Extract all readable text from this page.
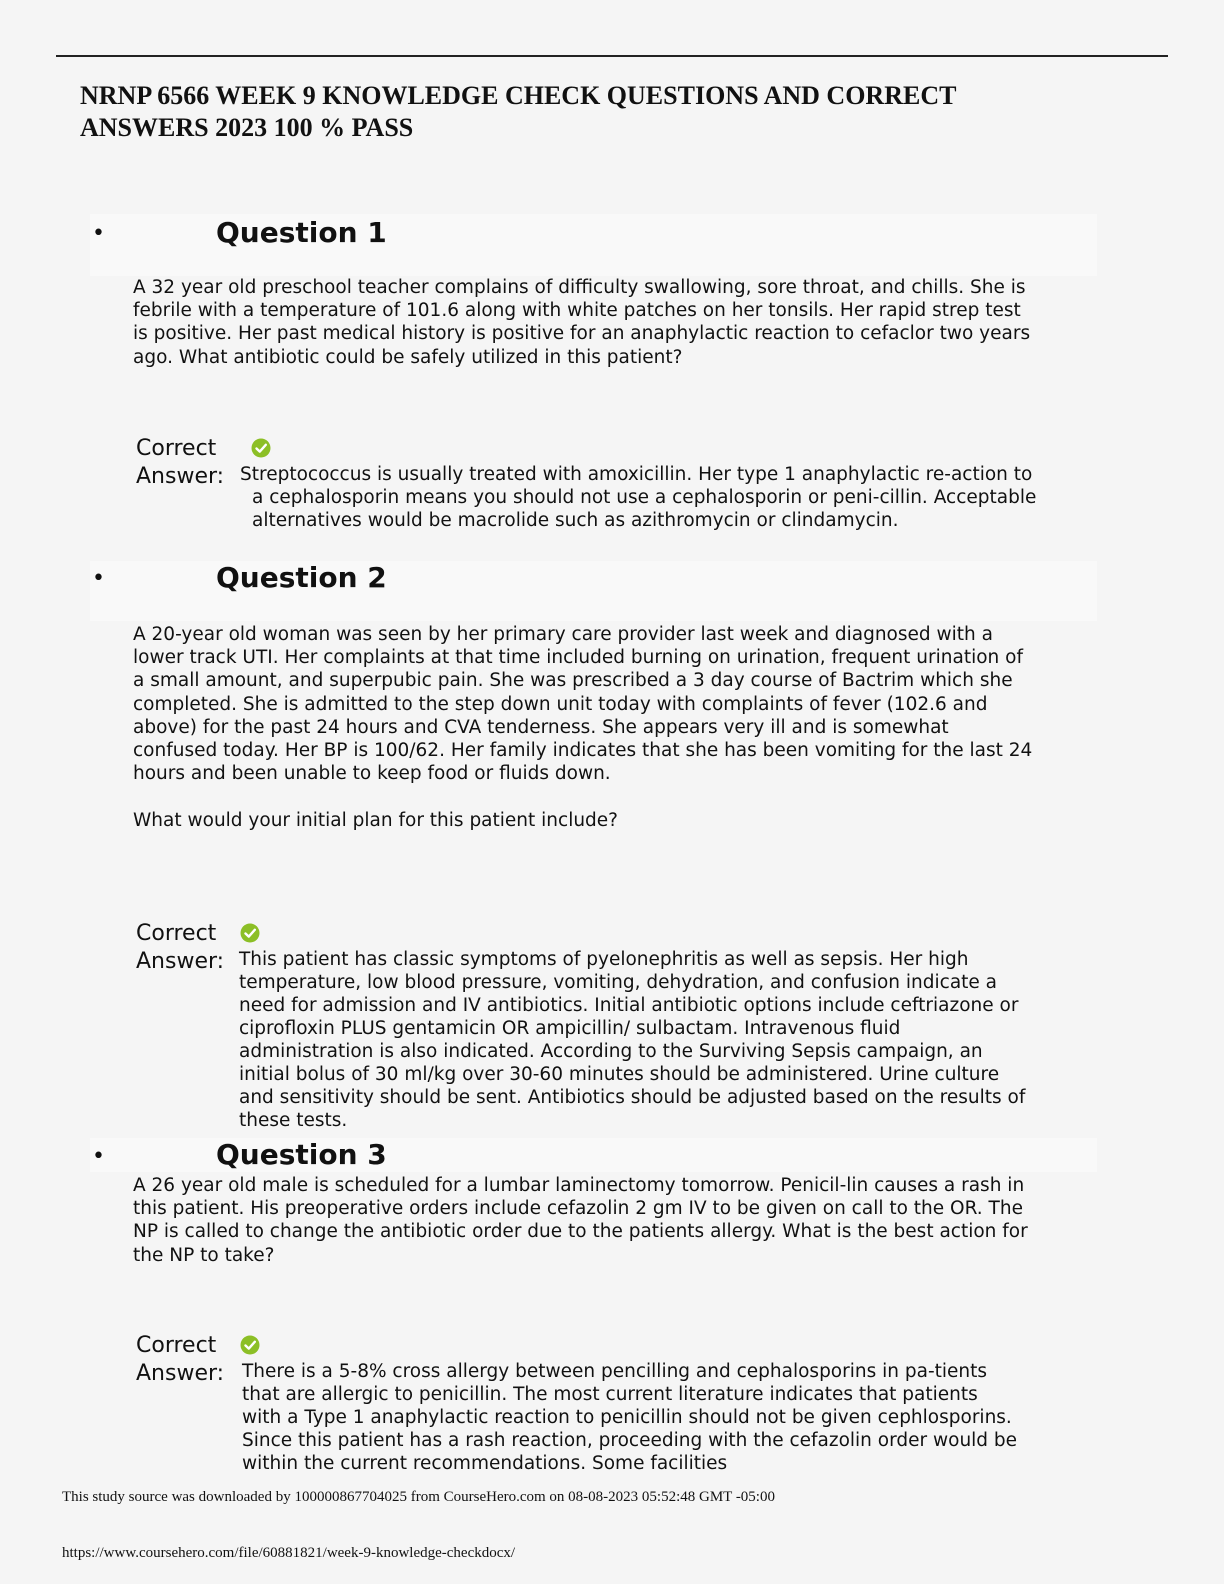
NRNP 6566 WEEK 9 KNOWLEDGE CHECK QUESTIONS AND CORRECT ANSWERS 2023 100 % PASS
•	Question 1
A 32 year old preschool teacher complains of difficulty swallowing, sore throat, and chills. She is febrile with a temperature of 101.6 along with white patches on her tonsils. Her rapid strep test is positive. Her past medical history is positive for an anaphylactic reaction to cefaclor two years ago. What antibiotic could be safely utilized in this patient?
Correct
Answer: Streptococcus is usually treated with amoxicillin. Her type 1 anaphylactic re-action to a cephalosporin means you should not use a cephalosporin or peni-cillin. Acceptable alternatives would be macrolide such as azithromycin or clindamycin.
•	Question 2
A 20-year old woman was seen by her primary care provider last week and diagnosed with a lower track UTI. Her complaints at that time included burning on urination, frequent urination of a small amount, and superpubic pain. She was prescribed a 3 day course of Bactrim which she completed. She is admitted to the step down unit today with complaints of fever (102.6 and above) for the past 24 hours and CVA tenderness. She appears very ill and is somewhat confused today. Her BP is 100/62. Her family indicates that she has been vomiting for the last 24 hours and been unable to keep food or fluids down.

What would your initial plan for this patient include?
Correct
Answer: This patient has classic symptoms of pyelonephritis as well as sepsis. Her high temperature, low blood pressure, vomiting, dehydration, and confusion indicate a need for admission and IV antibiotics. Initial antibiotic options include ceftriazone or ciprofloxin PLUS gentamicin OR ampicillin/ sulbactam. Intravenous fluid administration is also indicated. According to the Surviving Sepsis campaign, an initial bolus of 30 ml/kg over 30-60 minutes should be administered. Urine culture and sensitivity should be sent. Antibiotics should be adjusted based on the results of these tests.
•	Question 3
A 26 year old male is scheduled for a lumbar laminectomy tomorrow. Penicil-lin causes a rash in this patient. His preoperative orders include cefazolin 2 gm IV to be given on call to the OR. The NP is called to change the antibiotic order due to the patients allergy. What is the best action for the NP to take?
Correct
Answer: There is a 5-8% cross allergy between pencilling and cephalosporins in pa-tients that are allergic to penicillin. The most current literature indicates that patients with a Type 1 anaphylactic reaction to penicillin should not be given cephlosporins. Since this patient has a rash reaction, proceeding with the cefazolin order would be within the current recommendations. Some facilities
This study source was downloaded by 100000867704025 from CourseHero.com on 08-08-2023 05:52:48 GMT -05:00
https://www.coursehero.com/file/60881821/week-9-knowledge-checkdocx/
